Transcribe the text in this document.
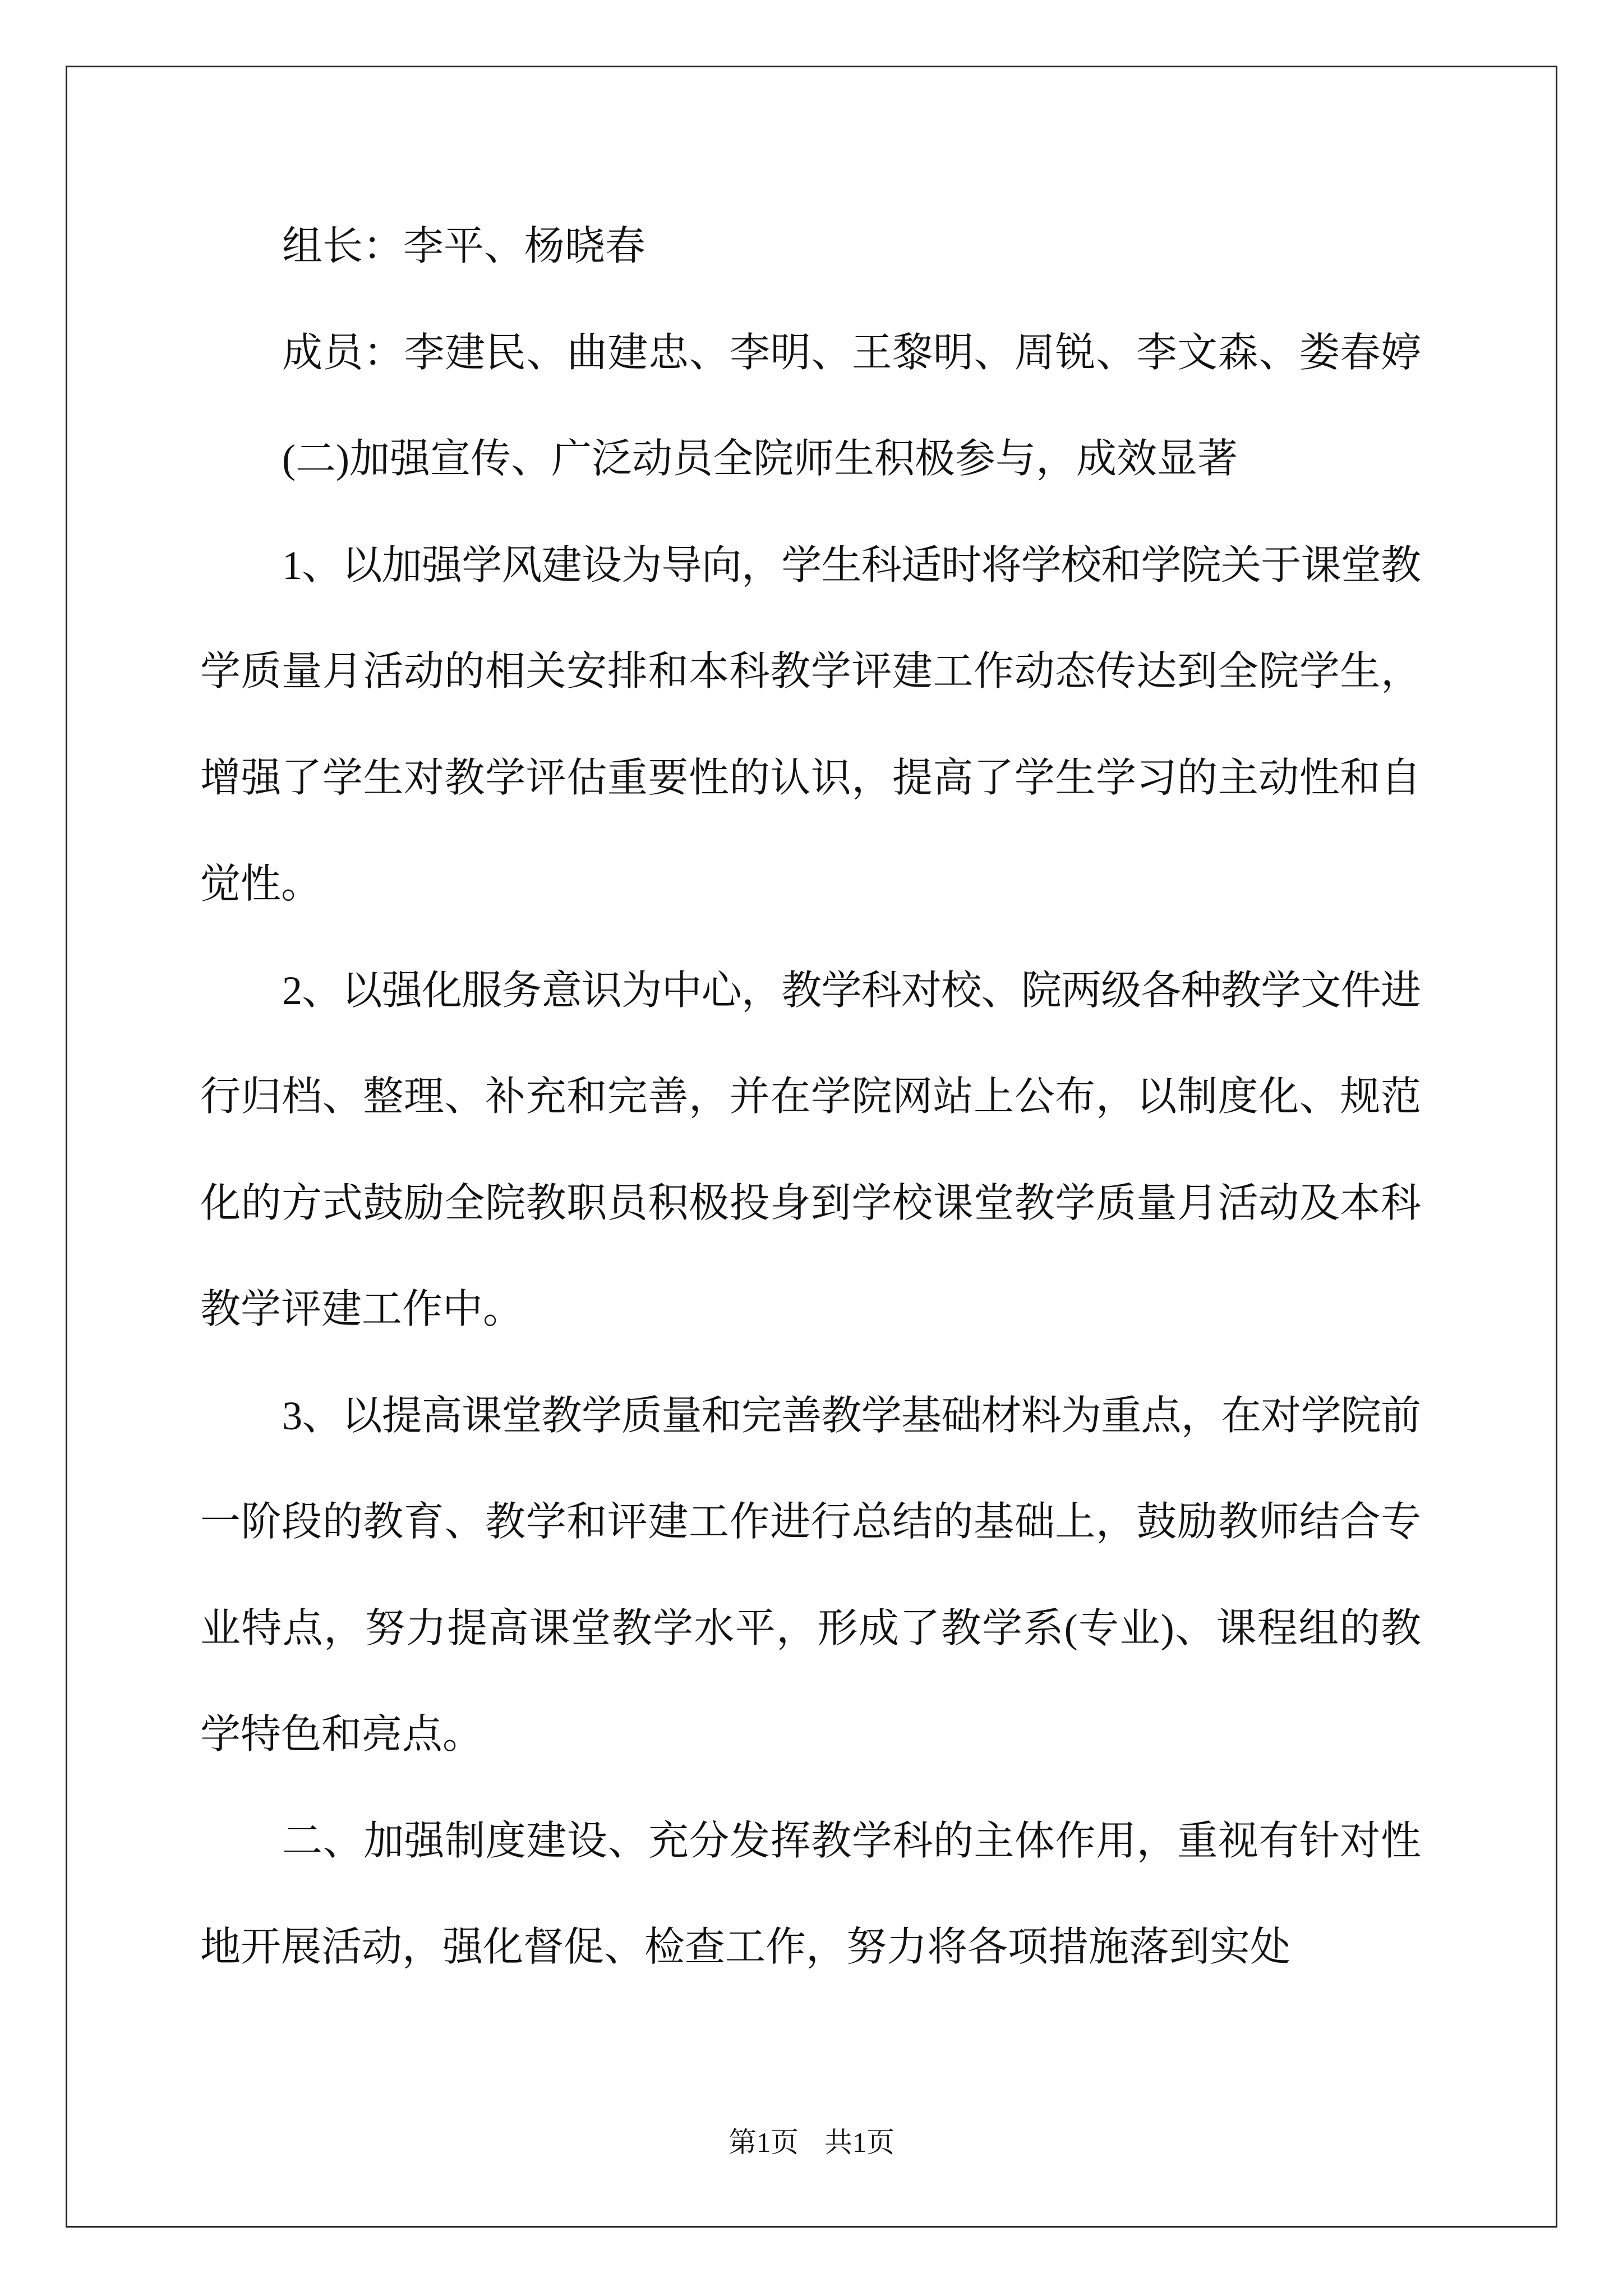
组长：李平、杨晓春
成员：李建民、曲建忠、李明、王黎明、周锐、李文森、娄春婷
(二)加强宣传、广泛动员全院师生积极参与，成效显著
1、以加强学风建设为导向，学生科适时将学校和学院关于课堂教
学质量月活动的相关安排和本科教学评建工作动态传达到全院学生，
增强了学生对教学评估重要性的认识，提高了学生学习的主动性和自
觉性。
2、以强化服务意识为中心，教学科对校、院两级各种教学文件进
行归档、整理、补充和完善，并在学院网站上公布，以制度化、规范
化的方式鼓励全院教职员积极投身到学校课堂教学质量月活动及本科
教学评建工作中。
3、以提高课堂教学质量和完善教学基础材料为重点，在对学院前
一阶段的教育、教学和评建工作进行总结的基础上，鼓励教师结合专
业特点，努力提高课堂教学水平，形成了教学系(专业)、课程组的教
学特色和亮点。
二、加强制度建设、充分发挥教学科的主体作用，重视有针对性
地开展活动，强化督促、检查工作，努力将各项措施落到实处
第1页 共1页
